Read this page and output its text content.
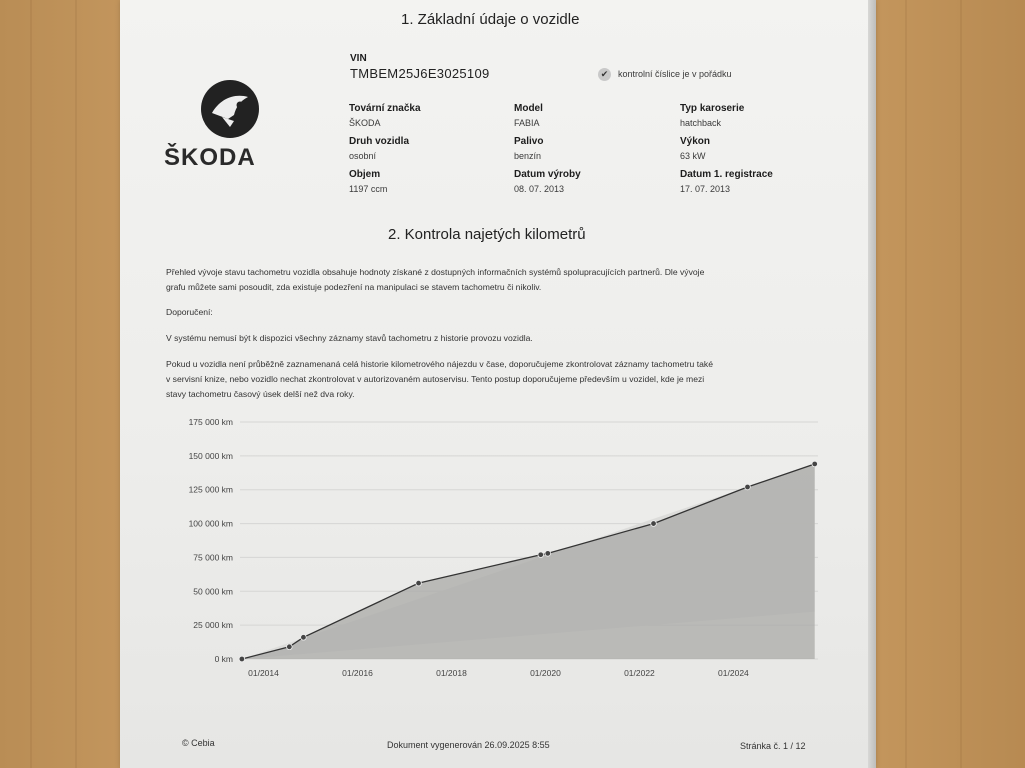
1. Základní údaje o vozidle
ŠKODA
VIN
TMBEM25J6E3025109	✔	kontrolní číslice je v pořádku
Tovární značka
ŠKODA
Model
FABIA
Typ karoserie
hatchback
Druh vozidla
osobní
Palivo
benzín
Výkon
63 kW
Objem
1197 ccm
Datum výroby
08. 07. 2013
Datum 1. registrace
17. 07. 2013
2. Kontrola najetých kilometrů
Přehled vývoje stavu tachometru vozidla obsahuje hodnoty získané z dostupných informačních systémů spolupracujících partnerů. Dle vývoje
grafu můžete sami posoudit, zda existuje podezření na manipulaci se stavem tachometru či nikoliv.
Doporučení:
V systému nemusí být k dispozici všechny záznamy stavů tachometru z historie provozu vozidla.
Pokud u vozidla není průběžně zaznamenaná celá historie kilometrového nájezdu v čase, doporučujeme zkontrolovat záznamy tachometru také
v servisní knize, nebo vozidlo nechat zkontrolovat v autorizovaném autoservisu. Tento postup doporučujeme především u vozidel, kde je mezi
stavy tachometru časový úsek delší než dva roky.
0 km
25 000 km
50 000 km
75 000 km
100 000 km
125 000 km
150 000 km
175 000 km
01/2014	01/2016	01/2018	01/2020	01/2022	01/2024
© Cebia	Dokument vygenerován 26.09.2025 8:55	Stránka č. 1 / 12
